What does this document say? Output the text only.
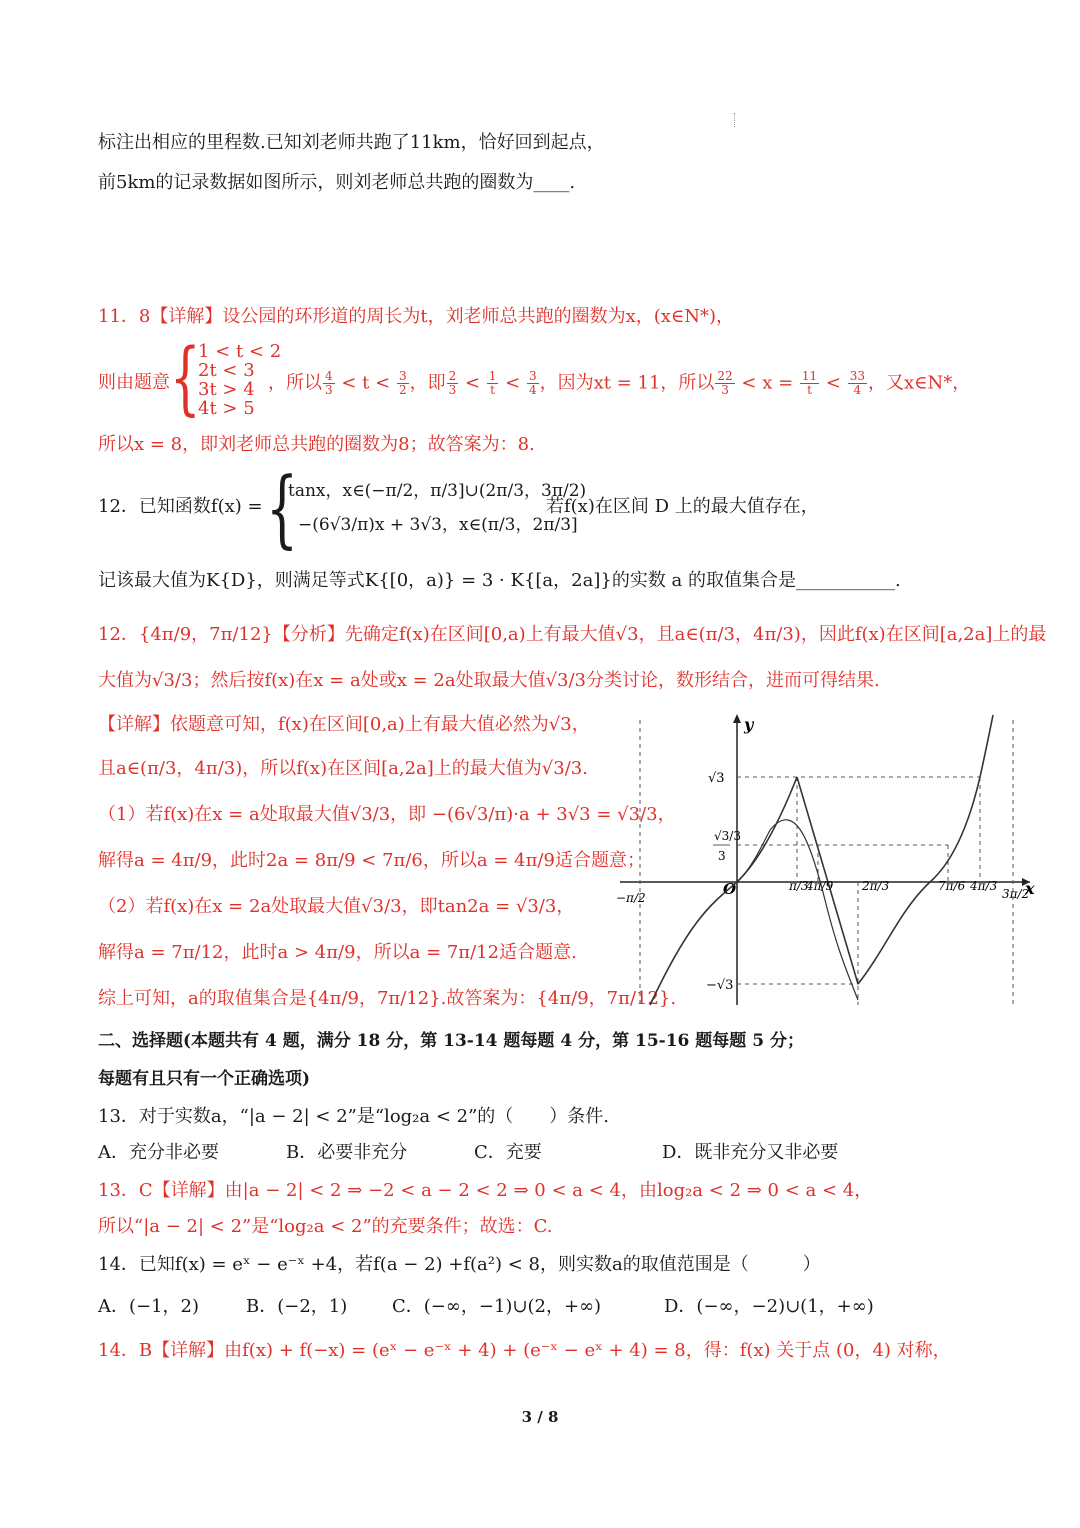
标注出相应的里程数.已知刘老师共跑了11km，恰好回到起点，
前5km的记录数据如图所示，则刘老师总共跑的圈数为____.
11．8【详解】设公园的环形道的周长为t，刘老师总共跑的圈数为x，(x∈N*)，
则由题意 {
1 < t < 2
2t < 3
3t > 4
4t > 5
，所以 $\frac{4}{3} < t < \frac{3}{2}$ ，即 $\frac{2}{3} < \frac{1}{t} < \frac{3}{4}$ ，因为xt = 11，所以 $\frac{22}{3} < x = \frac{11}{t} < \frac{33}{4}$ ，又x∈N*，
所以x = 8，即刘老师总共跑的圈数为8；故答案为：8.
12．已知函数f(x) = {
tanx，x∈(−π/2，π/3]∪(2π/3，3π/2)
−(6√3/π)x + 3√3，x∈(π/3，2π/3]
若f(x)在区间 D 上的最大值存在，
记该最大值为K{D}，则满足等式K{[0，a)} = 3 · K{[a，2a]}的实数 a 的取值集合是___________.
12．{4π/9，7π/12}【分析】先确定f(x)在区间[0,a)上有最大值√3，且a∈(π/3，4π/3)，因此f(x)在区间[a,2a]上的最
大值为√3/3；然后按f(x)在x = a处或x = 2a处取最大值√3/3分类讨论，数形结合，进而可得结果.
【详解】依题意可知，f(x)在区间[0,a)上有最大值必然为√3，
且a∈(π/3，4π/3)，所以f(x)在区间[a,2a]上的最大值为√3/3.
（1）若f(x)在x = a处取最大值√3/3，即 −(6√3/π)·a + 3√3 = √3/3，
解得a = 4π/9，此时2a = 8π/9 < 7π/6，所以a = 4π/9适合题意；
（2）若f(x)在x = 2a处取最大值√3/3，即tan2a = √3/3，
解得a = 7π/12，此时a > 4π/9，所以a = 7π/12适合题意.
综上可知，a的取值集合是{4π/9，7π/12}.故答案为：{4π/9，7π/12}.
y
x
O
√3
√3/3
3
−√3
−π/2
π/3
4π/9 2π/3	7π/6 4π/3
3π/2
二、选择题(本题共有 4 题，满分 18 分，第 13-14 题每题 4 分，第 15-16 题每题 5 分；
每题有且只有一个正确选项)
13．对于实数a，“|a − 2| < 2”是“log₂a < 2”的（　　）条件.
A．充分非必要	B．必要非充分	C．充要	D．既非充分又非必要
13．C【详解】由|a − 2| < 2 ⇒ −2 < a − 2 < 2 ⇒ 0 < a < 4，由log₂a < 2 ⇒ 0 < a < 4，
所以“|a − 2| < 2”是“log₂a < 2”的充要条件；故选：C.
14．已知f(x) = eˣ − e⁻ˣ +4，若f(a − 2) +f(a²) < 8，则实数a的取值范围是（　　　）
A．(−1，2)	B．(−2，1) C．(−∞，−1)∪(2，+∞)	D．(−∞，−2)∪(1，+∞)
14．B【详解】由f(x) + f(−x) = (eˣ − e⁻ˣ + 4) + (e⁻ˣ − eˣ + 4) = 8，得：f(x) 关于点 (0，4) 对称，
3 / 8
